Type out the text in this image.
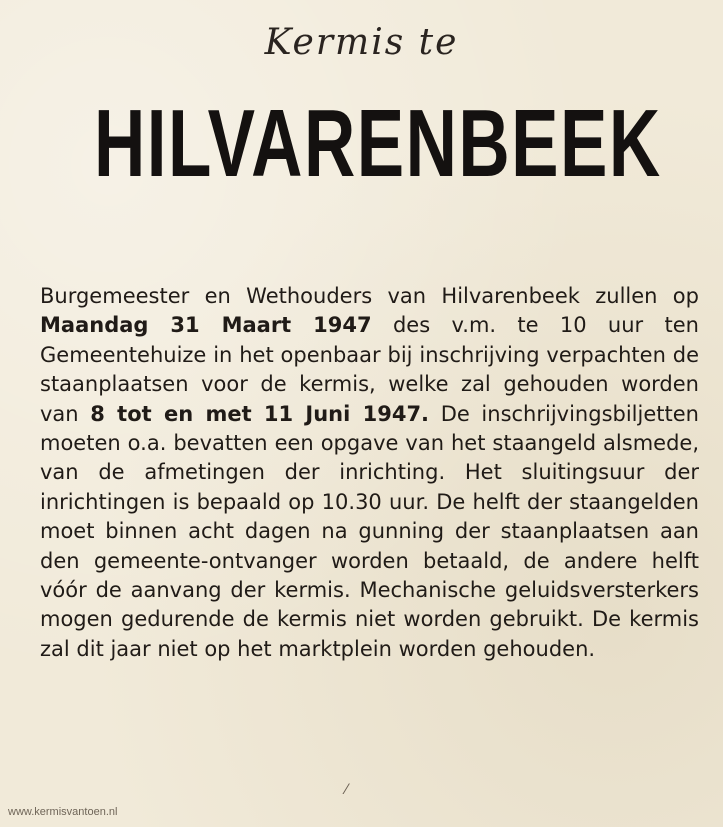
Kermis te
HILVARENBEEK
Burgemeester en Wethouders van Hilvarenbeek zullen op Maandag 31 Maart 1947 des v.m. te 10 uur ten Gemeentehuize in het openbaar bij inschrijving verpachten de staanplaatsen voor de kermis, welke zal gehouden worden van 8 tot en met 11 Juni 1947. De inschrijvingsbiljetten moeten o.a. bevatten een opgave van het staangeld alsmede, van de afmetingen der inrichting. Het sluitingsuur der inrichtingen is bepaald op 10.30 uur. De helft der staangelden moet binnen acht dagen na gunning der staanplaatsen aan den gemeente-ontvanger worden betaald, de andere helft vóór de aanvang der kermis. Mechanische geluidsversterkers mogen gedurende de kermis niet worden gebruikt. De kermis zal dit jaar niet op het marktplein worden gehouden.
⁄
www.kermisvantoen.nl
